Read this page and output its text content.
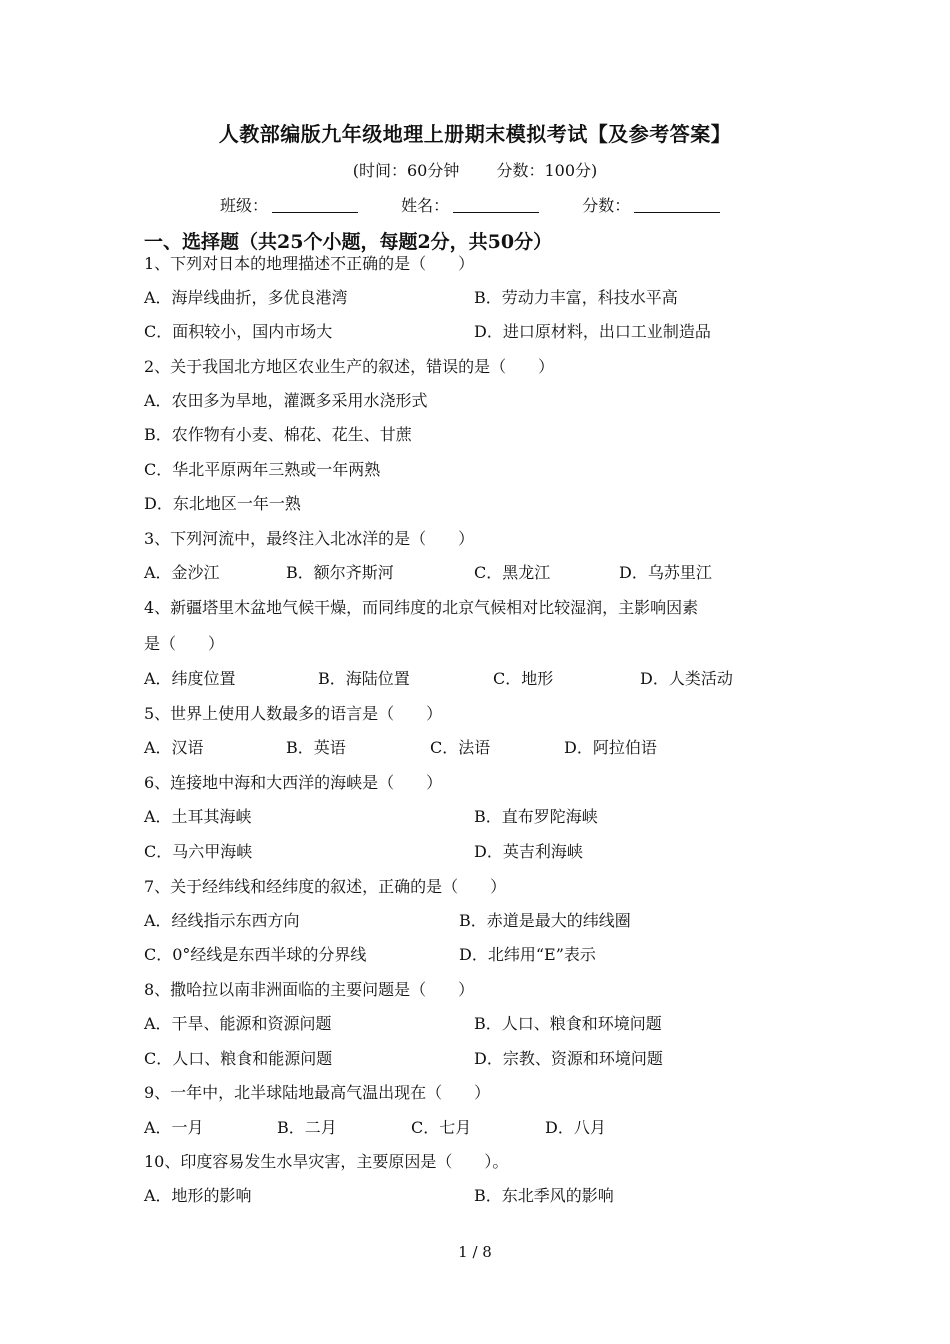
人教部编版九年级地理上册期末模拟考试【及参考答案】
(时间：60分钟 分数：100分)
班级：	姓名：	分数：
一、选择题（共25个小题，每题2分，共50分）
1、下列对日本的地理描述不正确的是（　　）
A．海岸线曲折，多优良港湾	B．劳动力丰富，科技水平高
C．面积较小，国内市场大	D．进口原材料，出口工业制造品
2、关于我国北方地区农业生产的叙述，错误的是（　　）
A．农田多为旱地，灌溉多采用水浇形式
B．农作物有小麦、棉花、花生、甘蔗
C．华北平原两年三熟或一年两熟
D．东北地区一年一熟
3、下列河流中，最终注入北冰洋的是（　　）
A．金沙江	B．额尔齐斯河	C．黑龙江	D．乌苏里江
4、新疆塔里木盆地气候干燥，而同纬度的北京气候相对比较湿润，主影响因素
是（　　）
A．纬度位置	B．海陆位置	C．地形	D．人类活动
5、世界上使用人数最多的语言是（　　）
A．汉语	B．英语	C．法语	D．阿拉伯语
6、连接地中海和大西洋的海峡是（　　）
A．土耳其海峡	B．直布罗陀海峡
C．马六甲海峡	D．英吉利海峡
7、关于经纬线和经纬度的叙述，正确的是（　　）
A．经线指示东西方向	B．赤道是最大的纬线圈
C．0°经线是东西半球的分界线	D．北纬用“E”表示
8、撒哈拉以南非洲面临的主要问题是（　　）
A．干旱、能源和资源问题	B．人口、粮食和环境问题
C．人口、粮食和能源问题	D．宗教、资源和环境问题
9、一年中，北半球陆地最高气温出现在（　　）
A．一月	B．二月	C．七月	D．八月
10、印度容易发生水旱灾害，主要原因是（　　）。
A．地形的影响	B．东北季风的影响
1 / 8
